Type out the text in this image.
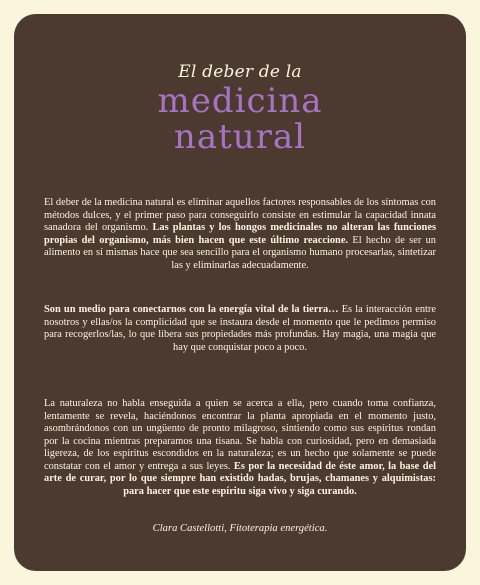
El deber de la
medicina
natural
El deber de la medicina natural es eliminar aquellos factores responsables de los síntomas con métodos dulces, y el primer paso para conseguirlo consiste en estimular la capacidad innata sanadora del organismo. Las plantas y los hongos medicinales no alteran las funciones propias del organismo, más bien hacen que este último reaccione. El hecho de ser un alimento en sí mismas hace que sea sencillo para el organismo humano procesarlas, sintetizar las y eliminarlas adecuadamente.
Son un medio para conectarnos con la energía vital de la tierra… Es la interacción entre nosotros y ellas/os la complicidad que se instaura desde el momento que le pedimos permiso para recogerlos/las, lo que libera sus propiedades más profundas. Hay magia, una magia que hay que conquistar poco a poco.
La naturaleza no habla enseguida a quien se acerca a ella, pero cuando toma confianza, lentamente se revela, haciéndonos encontrar la planta apropiada en el momento justo, asombrándonos con un ungüento de pronto milagroso, sintiendo como sus espíritus rondan por la cocina mientras preparamos una tisana. Se habla con curiosidad, pero en demasiada ligereza, de los espíritus escondidos en la naturaleza; es un hecho que solamente se puede constatar con el amor y entrega a sus leyes. Es por la necesidad de éste amor, la base del arte de curar, por lo que siempre han existido hadas, brujas, chamanes y alquimistas: para hacer que este espíritu siga vivo y siga curando.
Clara Castellotti, Fitoterapia energética.
